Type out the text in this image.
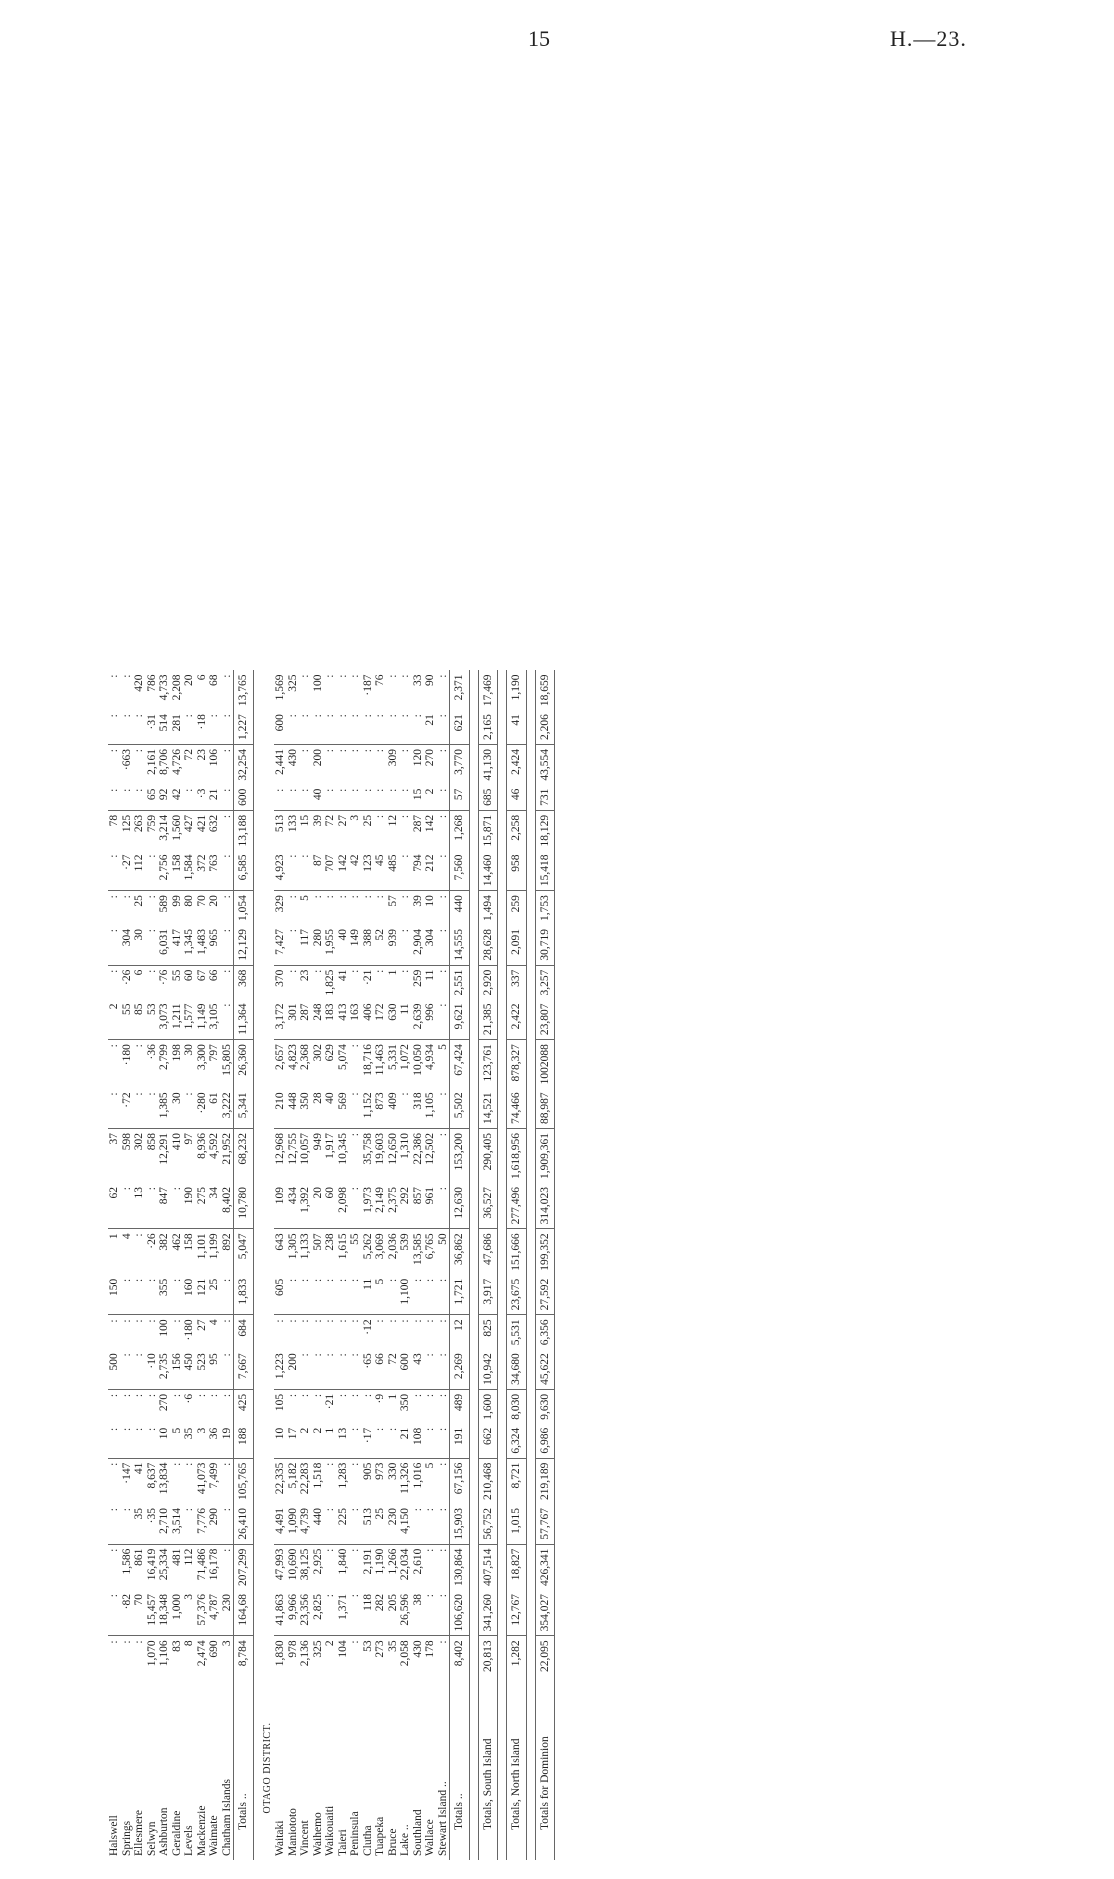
15	H.—23.
Halswell	:	:	:	:	:	:	:	500	:	150	1	62	37	:	:	2	:	:	:	:	78	:	:	:	:
Springs	:	·82	1,586	:	·147	:	:	:	:	:	4	:	598	·72	·180	55	·26	304	:	·27	125	:	·663	:	:
Ellesmere	:	70	861	35	41	:	:	:	:	:	:	13	302	:	:	85	6	30	25	112	263	:	:	:	420
Selwyn	1,070	15,457	16,419	·35	8,637	:	:	·10	:	:	·26	:	858	:	·36	53	:	:	:	:	759	65	2,161	·31	786
Ashburton	1,106	18,348	25,334	2,710	13,834	10	270	2,735	100	355	382	847	12,291	1,385	2,799	3,073	·76	6,031	589	2,756	3,214	92	8,706	514	4,733
Geraldine	83	1,000	481	3,514	:	5	:	156	:	:	462	:	410	30	198	1,211	55	417	99	158	1,560	42	4,726	281	2,208
Levels	8	3	112	:	:	35	·6	450	·180	160	158	190	97	:	30	1,577	60	1,345	80	1,584	427	:	72	:	20
Mackenzie	2,474	57,376	71,486	7,776	41,073	3	:	523	27	121	1,101	275	8,936	·280	3,300	1,149	67	1,483	70	372	421	·3	23	·18	6
Waimate	690	4,787	16,178	290	7,499	36	:	95	4	25	1,199	34	4,592	61	797	3,105	66	965	20	763	632	21	106	:	68
Chatham Islands	3	230	:	:	:	19	:	:	:	:	892	8,402	21,952	3,222	15,805	:	:	:	:	:	:	:	:	:	:
Totals ..	8,784	164,68	207,299	26,410	105,765	188	425	7,667	684	1,833	5,047	10,780	68,232	5,341	26,360	11,364	368	12,129	1,054	6,585	13,188	600	32,254	1,227	13,765
OTAGO DISTRICT.																									
Waitaki	1,830	41,863	47,993	4,491	22,335	10	105	1,223	:	605	643	109	12,968	210	2,657	3,172	370	7,427	329	4,923	513	:	2,441	600	1,569
Maniototo	978	9,966	10,690	1,090	5,182	17	:	200	:	:	1,305	434	12,755	448	4,823	301	:	:	:	:	133	:	430	:	325
Vincent	2,136	23,356	38,125	4,739	22,283	2	:	:	:	:	1,133	1,392	10,057	350	2,368	287	23	117	5	:	15	:	:	:	:
Waihemo	325	2,825	2,925	440	1,518	2	:	:	:	:	507	20	949	28	302	248	:	280	:	87	39	40	200	:	100
Waikouaiti	2	:	:	:	:	1	·21	:	:	:	238	60	1,917	40	629	183	1,825	1,955	:	707	72	:	:	:	:
Taieri	104	1,371	1,840	225	1,283	13	:	:	:	:	1,615	2,098	10,345	569	5,074	413	41	40	:	142	27	:	:	:	:
Peninsula	:	:	:	:	:	:	:	:	:	:	55	:	:	:	:	163	:	149	:	42	3	:	:	:	:
Clutha	53	118	2,191	513	905	·17	:	·65	·12	11	5,262	1,973	35,758	1,152	18,716	406	·21	388	:	123	25	:	:	:	·187
Tuapeka	273	282	1,190	25	973	:	·9	66	:	5	3,069	2,149	19,603	873	11,463	172	:	52	:	45	:	:	:	:	76
Bruce	35	205	1,266	230	330	:	1	72	:	:	2,036	2,375	12,650	409	5,331	630	1	939	57	485	12	:	309	:	:
Lake ..	2,058	26,596	22,034	4,150	11,326	21	350	600	:	1,100	539	292	1,310	:	1,072	11	:	:	:	:	:	:	:	:	:
Southland	430	38	2,610	:	1,016	108	:	43	:	:	13,585	857	22,386	318	10,050	2,639	259	2,904	39	794	287	15	120	:	33
Wallace	178	:	:	:	5	:	:	:	:	:	6,765	961	12,502	1,105	4,934	996	11	304	10	212	142	2	270	21	90
Stewart Island ..	:	:	:	:	:	:	:	:	:	:	50	:	:	:	5	:	:	:	:	:	:	:	:	:	:
Totals ..	8,402	106,620	130,864	15,903	67,156	191	489	2,269	12	1,721	36,862	12,630	153,200	5,502	67,424	9,621	2,551	14,555	440	7,560	1,268	57	3,770	621	2,371

Totals, South Island	20,813	341,260	407,514	56,752	210,468	662	1,600	10,942	825	3,917	47,686	36,527	290,405	14,521	123,761	21,385	2,920	28,628	1,494	14,460	15,871	685	41,130	2,165	17,469

Totals, North Island	1,282	12,767	18,827	1,015	8,721	6,324	8,030	34,680	5,531	23,675	151,666	277,496	1,618,956	74,466	878,327	2,422	337	2,091	259	958	2,258	46	2,424	41	1,190

Totals for Dominion	22,095	354,027	426,341	57,767	219,189	6,986	9,630	45,622	6,356	27,592	199,352	314,023	1,909,361	88,987	1002088	23,807	3,257	30,719	1,753	15,418	18,129	731	43,554	2,206	18,659
